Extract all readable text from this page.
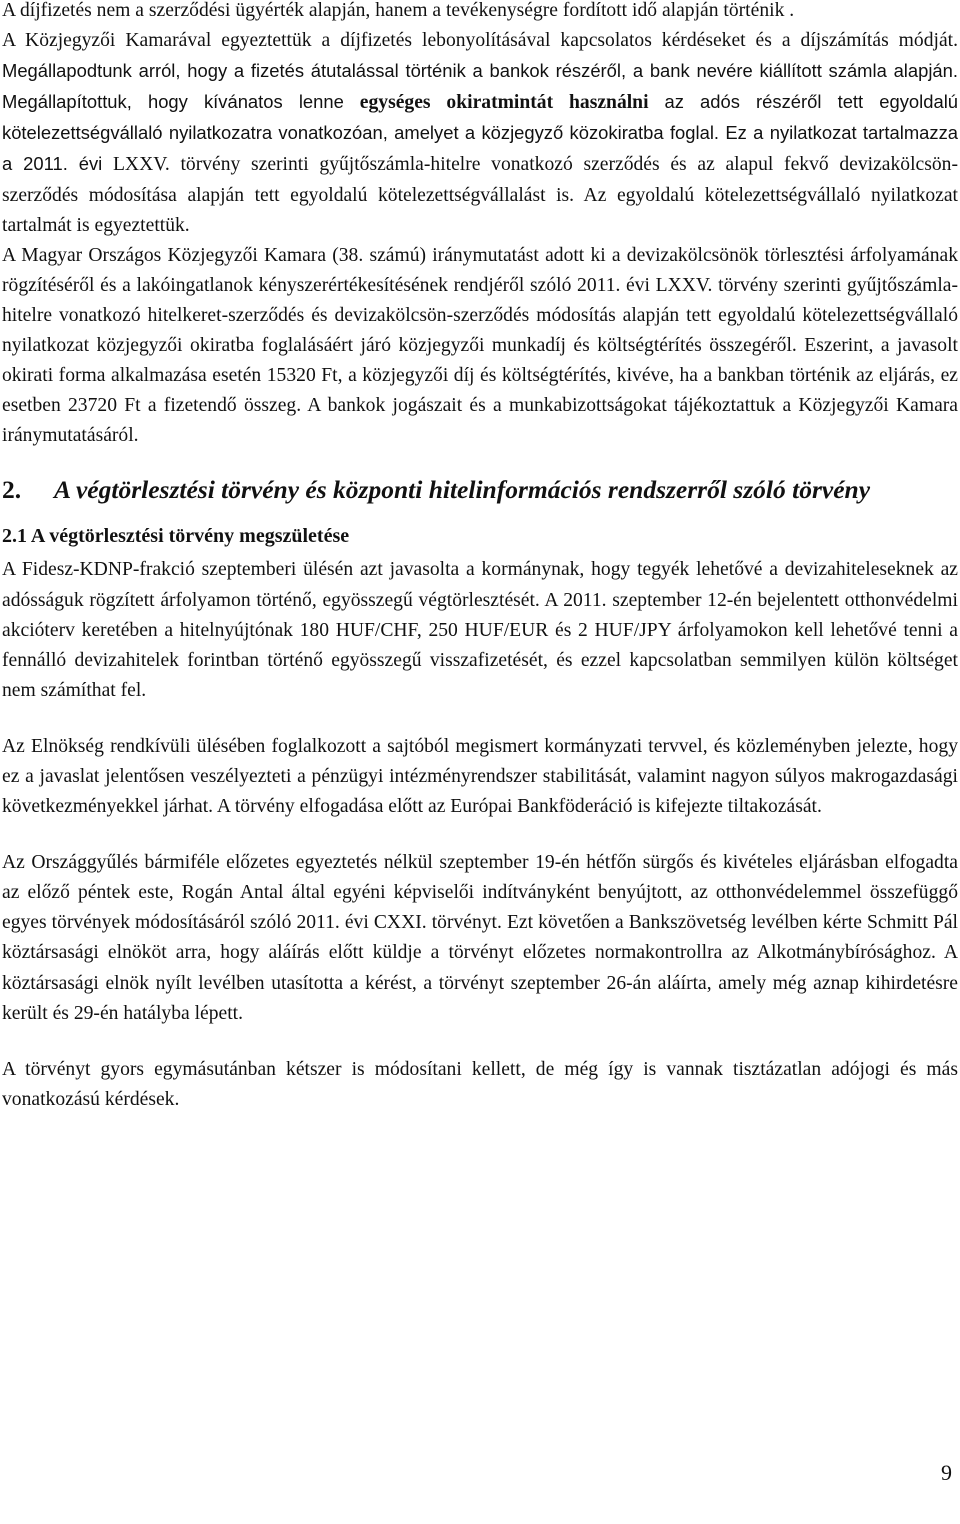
A díjfizetés nem a szerződési ügyérték alapján, hanem a tevékenységre fordított idő alapján történik .

A Közjegyzői Kamarával egyeztettük a díjfizetés lebonyolításával kapcsolatos kérdéseket és a díjszámítás módját. Megállapodtunk arról, hogy a fizetés átutalással történik a bankok részéről, a bank nevére kiállított számla alapján. Megállapítottuk, hogy kívánatos lenne egységes okiratmintát használni az adós részéről tett egyoldalú kötelezettségvállaló nyilatkozatra vonatkozóan, amelyet a közjegyző közokiratba foglal. Ez a nyilatkozat tartalmazza a 2011. évi LXXV. törvény szerinti gyűjtőszámla-hitelre vonatkozó szerződés és az alapul fekvő devizakölcsön-szerződés módosítása alapján tett egyoldalú kötelezettségvállalást is. Az egyoldalú kötelezettségvállaló nyilatkozat tartalmát is egyeztettük.

A Magyar Országos Közjegyzői Kamara (38. számú) iránymutatást adott ki a devizakölcsönök törlesztési árfolyamának rögzítéséről és a lakóingatlanok kényszerértékesítésének rendjéről szóló 2011. évi LXXV. törvény szerinti gyűjtőszámla-hitelre vonatkozó hitelkeret-szerződés és devizakölcsön-szerződés módosítás alapján tett egyoldalú kötelezettségvállaló nyilatkozat közjegyzői okiratba foglalásáért járó közjegyzői munkadíj és költségtérítés összegéről. Eszerint, a javasolt okirati forma alkalmazása esetén 15320 Ft, a közjegyzői díj és költségtérítés, kivéve, ha a bankban történik az eljárás, ez esetben 23720 Ft a fizetendő összeg. A bankok jogászait és a munkabizottságokat tájékoztattuk a Közjegyzői Kamara iránymutatásáról.

2. A végtörlesztési törvény és központi hitelinformációs rendszerről szóló törvény
2.1 A végtörlesztési törvény megszületése

A Fidesz-KDNP-frakció szeptemberi ülésén azt javasolta a kormánynak, hogy tegyék lehetővé a devizahiteleseknek az adósságuk rögzített árfolyamon történő, egyösszegű végtörlesztését. A 2011. szeptember 12-én bejelentett otthonvédelmi akcióterv keretében a hitelnyújtónak 180 HUF/CHF, 250 HUF/EUR és 2 HUF/JPY árfolyamokon kell lehetővé tenni a fennálló devizahitelek forintban történő egyösszegű visszafizetését, és ezzel kapcsolatban semmilyen külön költséget nem számíthat fel.

Az Elnökség rendkívüli ülésében foglalkozott a sajtóból megismert kormányzati tervvel, és közleményben jelezte, hogy ez a javaslat jelentősen veszélyezteti a pénzügyi intézményrendszer stabilitását, valamint nagyon súlyos makrogazdasági következményekkel járhat. A törvény elfogadása előtt az Európai Bankföderáció is kifejezte tiltakozását.

Az Országgyűlés bármiféle előzetes egyeztetés nélkül szeptember 19-én hétfőn sürgős és kivételes eljárásban elfogadta az előző péntek este, Rogán Antal által egyéni képviselői indítványként benyújtott, az otthonvédelemmel összefüggő egyes törvények módosításáról szóló 2011. évi CXXI. törvényt. Ezt követően a Bankszövetség levélben kérte Schmitt Pál köztársasági elnököt arra, hogy aláírás előtt küldje a törvényt előzetes normakontrollra az Alkotmánybírósághoz. A köztársasági elnök nyílt levélben utasította a kérést, a törvényt szeptember 26-án aláírta, amely még aznap kihirdetésre került és 29-én hatályba lépett.

A törvényt gyors egymásutánban kétszer is módosítani kellett, de még így is vannak tisztázatlan adójogi és más vonatkozású kérdések.

9
